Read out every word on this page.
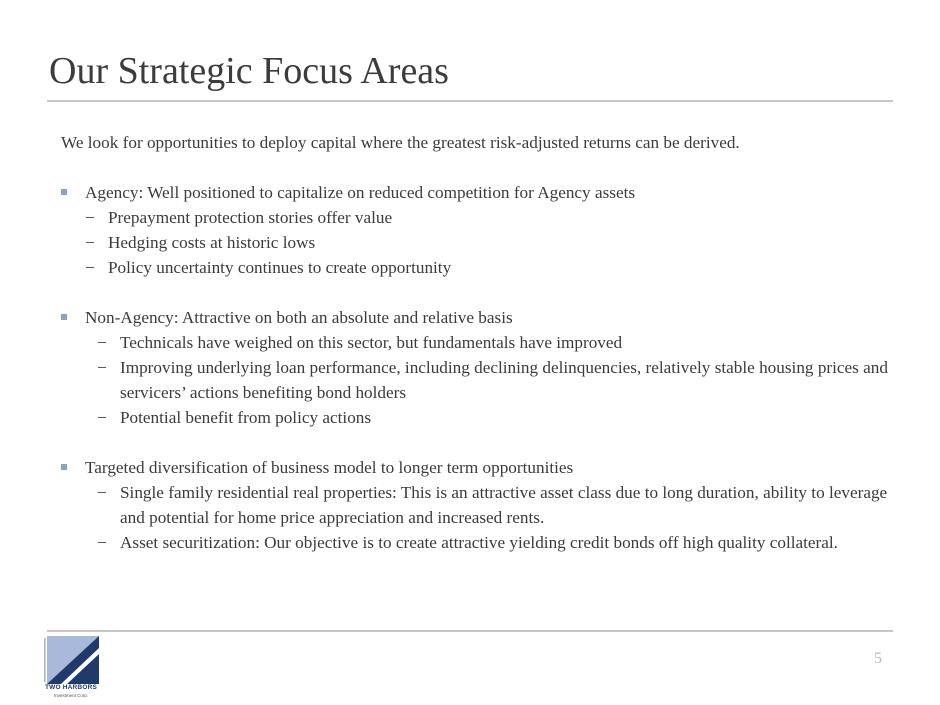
Our Strategic Focus Areas
We look for opportunities to deploy capital where the greatest risk-adjusted returns can be derived.
Agency: Well positioned to capitalize on reduced competition for Agency assets
− Prepayment protection stories offer value
− Hedging costs at historic lows
− Policy uncertainty continues to create opportunity
Non-Agency: Attractive on both an absolute and relative basis
− Technicals have weighed on this sector, but fundamentals have improved
− Improving underlying loan performance, including declining delinquencies, relatively stable housing prices and servicers’ actions benefiting bond holders
− Potential benefit from policy actions
Targeted diversification of business model to longer term opportunities
− Single family residential real properties: This is an attractive asset class due to long duration, ability to leverage and potential for home price appreciation and increased rents.
− Asset securitization: Our objective is to create attractive yielding credit bonds off high quality collateral.
TWO HARBORS
Investment Corp.
5
